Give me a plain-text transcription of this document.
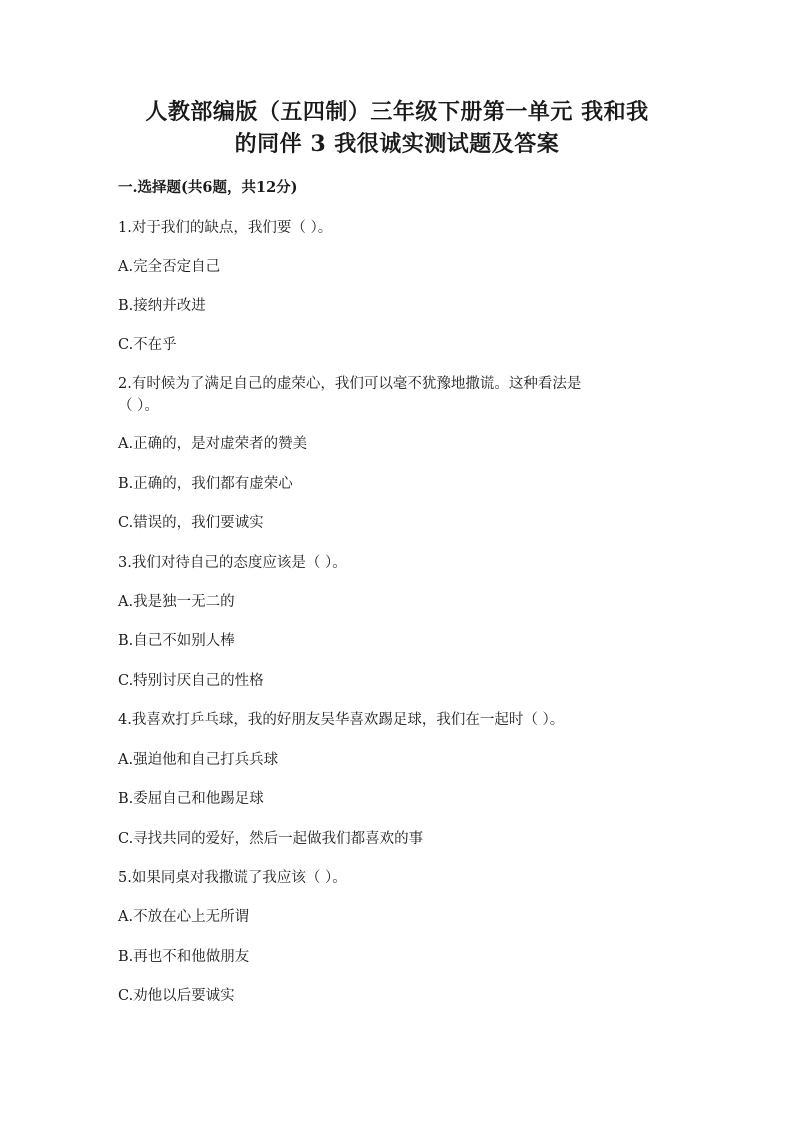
人教部编版（五四制）三年级下册第一单元 我和我
的同伴 3 我很诚实测试题及答案
一.选择题(共6题，共12分)
1.对于我们的缺点，我们要（ ）。
A.完全否定自己
B.接纳并改进
C.不在乎
2.有时候为了满足自己的虚荣心，我们可以毫不犹豫地撒谎。这种看法是
（ ）。
A.正确的，是对虚荣者的赞美
B.正确的，我们都有虚荣心
C.错误的，我们要诚实
3.我们对待自己的态度应该是（ ）。
A.我是独一无二的
B.自己不如别人棒
C.特别讨厌自己的性格
4.我喜欢打乒乓球，我的好朋友吴华喜欢踢足球，我们在一起时（ ）。
A.强迫他和自己打兵兵球
B.委屈自己和他踢足球
C.寻找共同的爱好，然后一起做我们都喜欢的事
5.如果同桌对我撒谎了我应该（ ）。
A.不放在心上无所谓
B.再也不和他做朋友
C.劝他以后要诚实
